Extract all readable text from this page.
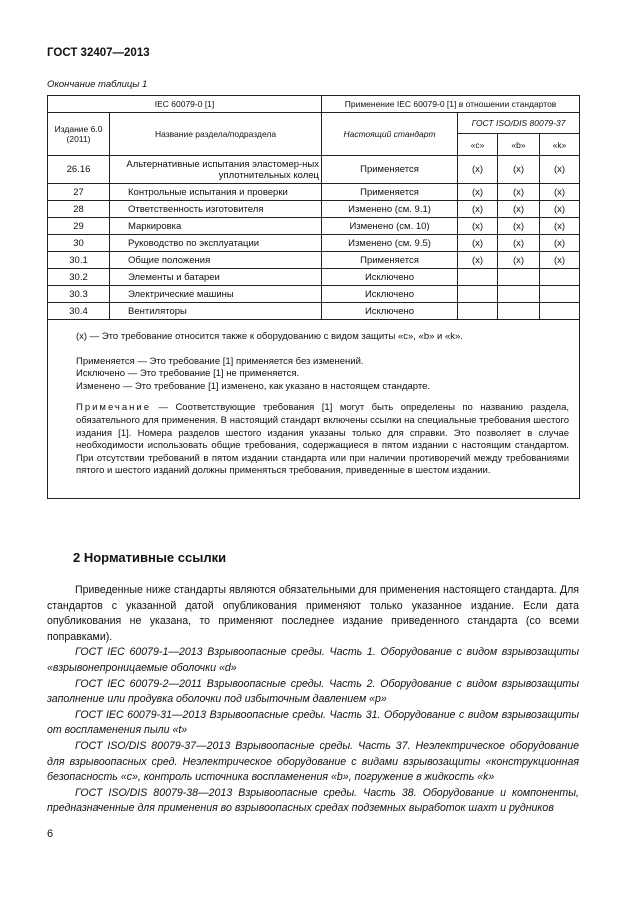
ГОСТ 32407—2013
Окончание таблицы 1
IEC 60079-0 [1]		Применение IEC 60079-0 [1] в отношении стандартов			
Издание 6.0 (2011)	Название раздела/подраздела	Настоящий стандарт	ГОСТ ISO/DIS 80079-37		
			«c»	«b»	«k»
26.16	Альтернативные испытания эластомер-ных уплотнительных колец	Применяется	(x)	(x)	(x)
27	Контрольные испытания и проверки	Применяется	(x)	(x)	(x)
28	Ответственность изготовителя	Изменено (см. 9.1)	(x)	(x)	(x)
29	Маркировка	Изменено (см. 10)	(x)	(x)	(x)
30	Руководство по эксплуатации	Изменено (см. 9.5)	(x)	(x)	(x)
30.1	Общие положения	Применяется	(x)	(x)	(x)
30.2	Элементы и батареи	Исключено			
30.3	Электрические машины	Исключено			
30.4	Вентиляторы	Исключено			

(x) — Это требование относится также к оборудованию с видом защиты «с», «b» и «k».

Применяется — Это требование [1] применяется без изменений.

Исключено — Это требование [1] не применяется.

Изменено — Это требование [1] изменено, как указано в настоящем стандарте.

Примечание — Соответствующие требования [1] могут быть определены по названию раздела, обязательного для применения. В настоящий стандарт включены ссылки на специальные требования шестого издания [1]. Номера разделов шестого издания указаны только для справки. Это позволяет в случае необходимости использовать общие требования, содержащиеся в пятом издании с настоящим стандартом. При отсутствии требований в пятом издании стандарта или при наличии противоречий между требованиями пятого и шестого изданий должны применяться требования, приведенные в шестом издании.					

2 Нормативные ссылки

Приведенные ниже стандарты являются обязательными для применения настоящего стандарта. Для стандартов с указанной датой опубликования применяют только указанное издание. Если дата опубликования не указана, то применяют последнее издание приведенного стандарта (со всеми поправками).

ГОСТ IEC 60079-1—2013 Взрывоопасные среды. Часть 1. Оборудование с видом взрывозащиты «взрывонепроницаемые оболочки «d»

ГОСТ IEC 60079-2—2011 Взрывоопасные среды. Часть 2. Оборудование с видом взрывозащиты заполнение или продувка оболочки под избыточным давлением «p»

ГОСТ IEC 60079-31—2013 Взрывоопасные среды. Часть 31. Оборудование с видом взрывозащиты от воспламенения пыли «t»

ГОСТ ISO/DIS 80079-37—2013 Взрывоопасные среды. Часть 37. Неэлектрическое оборудование для взрывоопасных сред. Неэлектрическое оборудование с видами взрывозащиты «конструкционная безопасность «c», контроль источника воспламенения «b», погружение в жидкость «k»

ГОСТ ISO/DIS 80079-38—2013 Взрывоопасные среды. Часть 38. Оборудование и компоненты, предназначенные для применения во взрывоопасных средах подземных выработок шахт и рудников

6
